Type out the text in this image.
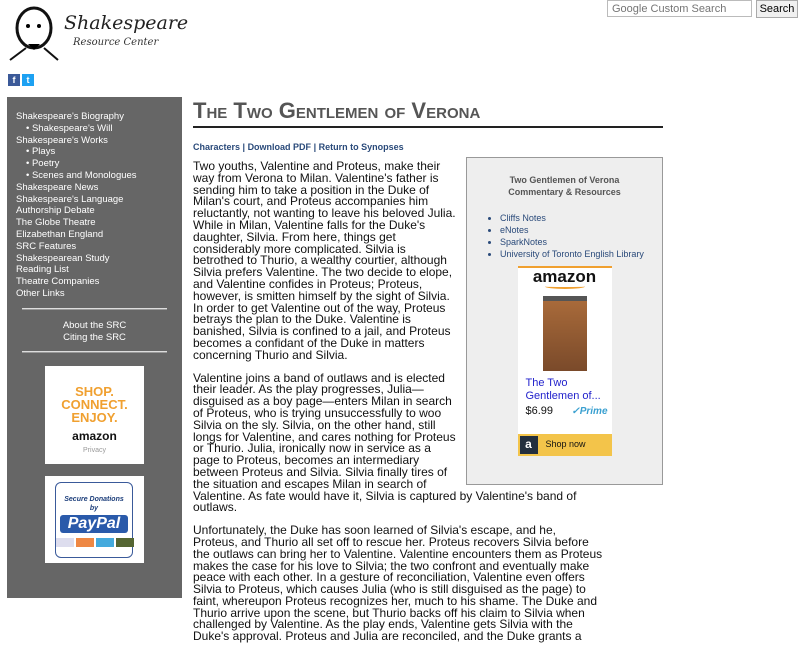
Shakespeare
Resource Center
f	t
Google Custom Search
Search
Shakespeare's Biography
• Shakespeare's Will
Shakespeare's Works
• Plays
• Poetry
• Scenes and Monologues
Shakespeare News
Shakespeare's Language
Authorship Debate
The Globe Theatre
Elizabethan England
SRC Features
Shakespearean Study
Reading List
Theatre Companies
Other Links
About the SRC
Citing the SRC
SHOP.
CONNECT.
ENJOY.
amazon
Privacy
Secure Donations
by
PayPal
The Two Gentlemen of Verona
Characters | Download PDF | Return to Synopses
Two Gentlemen of Verona
Commentary & Resources
• Cliffs Notes
• eNotes
• SparkNotes
• University of Toronto English Library
amazon
The Two Gentlemen of...
$6.99 ✓Prime
a	Shop now

Two youths, Valentine and Proteus, make their way from Verona to Milan. Valentine's father is sending him to take a position in the Duke of Milan's court, and Proteus accompanies him reluctantly, not wanting to leave his beloved Julia. While in Milan, Valentine falls for the Duke's daughter, Silvia. From here, things get considerably more complicated. Silvia is betrothed to Thurio, a wealthy courtier, although Silvia prefers Valentine. The two decide to elope, and Valentine confides in Proteus; Proteus, however, is smitten himself by the sight of Silvia. In order to get Valentine out of the way, Proteus betrays the plan to the Duke. Valentine is banished, Silvia is confined to a jail, and Proteus becomes a confidant of the Duke in matters concerning Thurio and Silvia.

Valentine joins a band of outlaws and is elected their leader. As the play progresses, Julia—disguised as a boy page—enters Milan in search of Proteus, who is trying unsuccessfully to woo Silvia on the sly. Silvia, on the other hand, still longs for Valentine, and cares nothing for Proteus or Thurio. Julia, ironically now in service as a page to Proteus, becomes an intermediary between Proteus and Silvia. Silvia finally tires of the situation and escapes Milan in search of Valentine. As fate would have it, Silvia is captured by Valentine's band of outlaws.

Unfortunately, the Duke has soon learned of Silvia's escape, and he, Proteus, and Thurio all set off to rescue her. Proteus recovers Silvia before the outlaws can bring her to Valentine. Valentine encounters them as Proteus makes the case for his love to Silvia; the two confront and eventually make peace with each other. In a gesture of reconciliation, Valentine even offers Silvia to Proteus, which causes Julia (who is still disguised as the page) to faint, whereupon Proteus recognizes her, much to his shame. The Duke and Thurio arrive upon the scene, but Thurio backs off his claim to Silvia when challenged by Valentine. As the play ends, Valentine gets Silvia with the Duke's approval. Proteus and Julia are reconciled, and the Duke grants a
